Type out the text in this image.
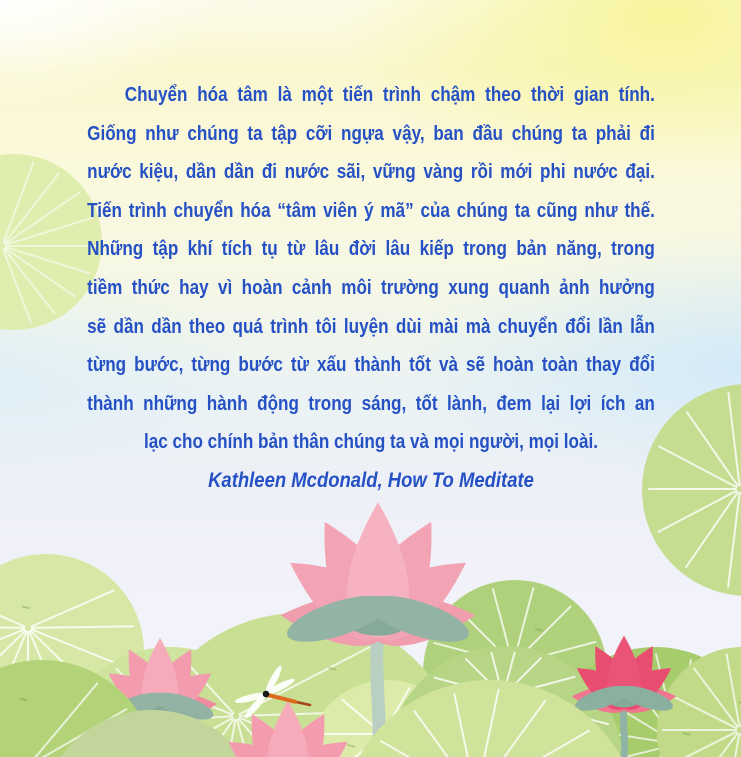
Chuyển hóa tâm là một tiến trình chậm theo thời gian tính.
Giống như chúng ta tập cỡi ngựa vậy, ban đầu chúng ta phải đi
nước kiệu, dần dần đi nước sãi, vững vàng rồi mới phi nước đại.
Tiến trình chuyển hóa “tâm viên ý mã” của chúng ta cũng như thế.
Những tập khí tích tụ từ lâu đời lâu kiếp trong bản năng, trong
tiềm thức hay vì hoàn cảnh môi trường xung quanh ảnh hưởng
sẽ dần dần theo quá trình tôi luyện dùi mài mà chuyển đổi lần lẫn
từng bước, từng bước từ xấu thành tốt và sẽ hoàn toàn thay đổi
thành những hành động trong sáng, tốt lành, đem lại lợi ích an
lạc cho chính bản thân chúng ta và mọi người, mọi loài.
Kathleen Mcdonald, How To Meditate
